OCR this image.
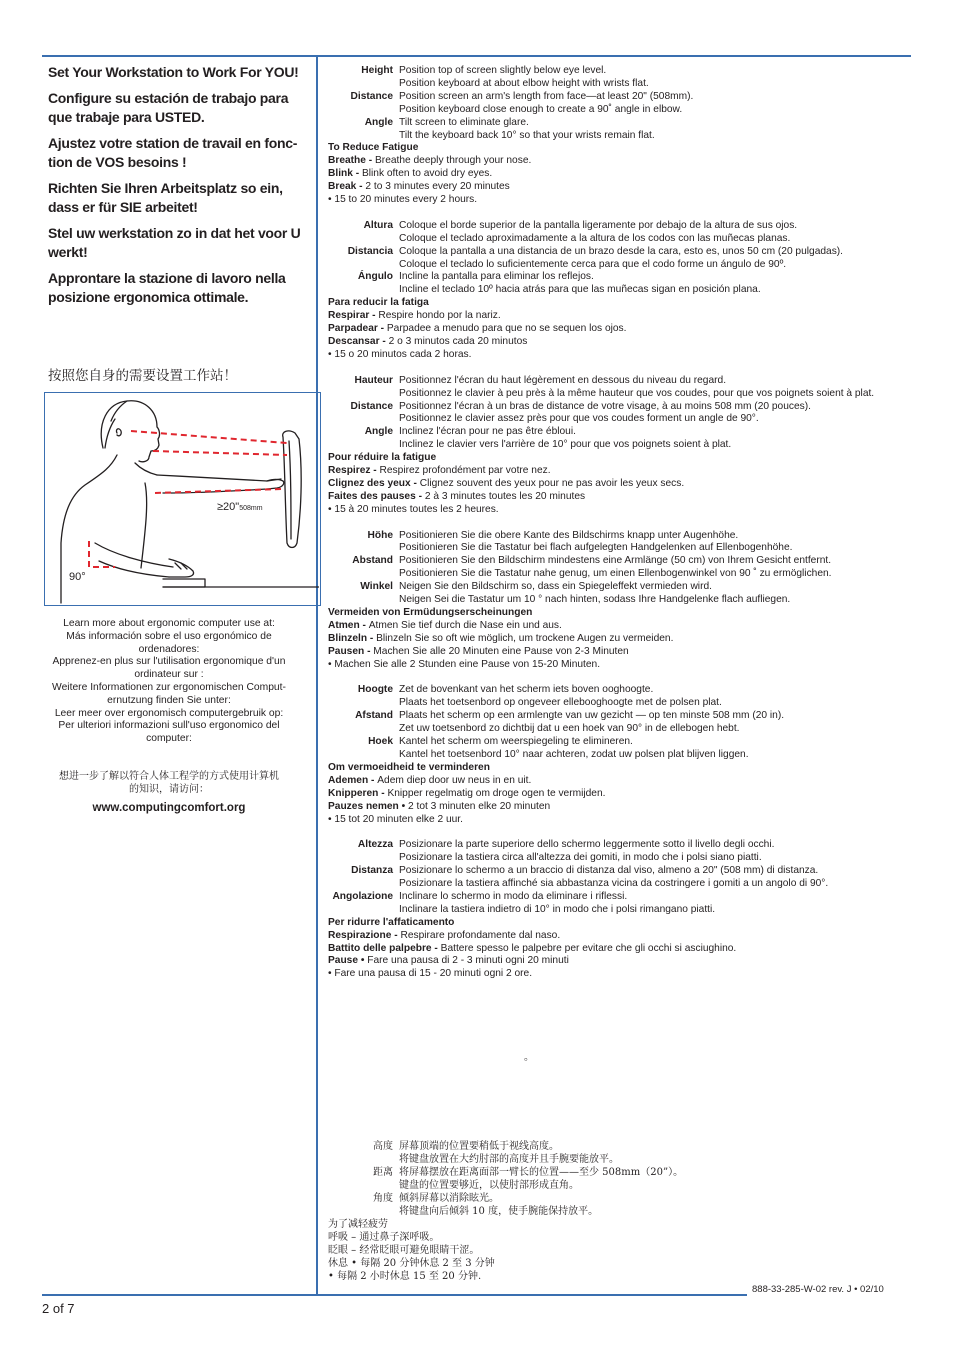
Set Your Workstation to Work For YOU!
Configure su estación de trabajo para que trabaje para USTED.
Ajustez votre station de travail en fonc-tion de VOS besoins !
Richten Sie Ihren Arbeitsplatz so ein, dass er für SIE arbeitet!
Stel uw werkstation zo in dat het voor U werkt!
Approntare la stazione di lavoro nella posizione ergonomica ottimale.
按照您自身的需要设置工作站！
≥20"508mm
90°
Learn more about ergonomic computer use at:
Más información sobre el uso ergonómico de
ordenadores:
Apprenez-en plus sur l'utilisation ergonomique d'un
ordinateur sur :
Weitere Informationen zur ergonomischen Comput-
ernutzung finden Sie unter:
Leer meer over ergonomisch computergebruik op:
Per ulteriori informazioni sull'uso ergonomico del
computer:
想进一步了解以符合人体工程学的方式使用计算机
的知识，请访问：
www.computingcomfort.org
Height Position top of screen slightly below eye level.
Position keyboard at about elbow height with wrists flat.
Distance Position screen an arm's length from face—at least 20" (508mm).
Position keyboard close enough to create a 90˚ angle in elbow.
Angle Tilt screen to eliminate glare.
Tilt the keyboard back 10° so that your wrists remain flat.
To Reduce Fatigue
Breathe - Breathe deeply through your nose.
Blink - Blink often to avoid dry eyes.
Break - 2 to 3 minutes every 20 minutes
• 15 to 20 minutes every 2 hours.
Altura Coloque el borde superior de la pantalla ligeramente por debajo de la altura de sus ojos.
Coloque el teclado aproximadamente a la altura de los codos con las muñecas planas.
Distancia Coloque la pantalla a una distancia de un brazo desde la cara, esto es, unos 50 cm (20 pulgadas).
Coloque el teclado lo suficientemente cerca para que el codo forme un ángulo de 90º.
Ángulo Incline la pantalla para eliminar los reflejos.
Incline el teclado 10º hacia atrás para que las muñecas sigan en posición plana.
Para reducir la fatiga
Respirar - Respire hondo por la nariz.
Parpadear - Parpadee a menudo para que no se sequen los ojos.
Descansar - 2 o 3 minutos cada 20 minutos
• 15 o 20 minutos cada 2 horas.
Hauteur Positionnez l'écran du haut légèrement en dessous du niveau du regard.
Positionnez le clavier à peu près à la même hauteur que vos coudes, pour que vos poignets soient à plat.
Distance Positionnez l'écran à un bras de distance de votre visage, à au moins 508 mm (20 pouces).
Positionnez le clavier assez près pour que vos coudes forment un angle de 90°.
Angle Inclinez l'écran pour ne pas être ébloui.
Inclinez le clavier vers l'arrière de 10° pour que vos poignets soient à plat.
Pour réduire la fatigue
Respirez - Respirez profondément par votre nez.
Clignez des yeux - Clignez souvent des yeux pour ne pas avoir les yeux secs.
Faites des pauses - 2 à 3 minutes toutes les 20 minutes
• 15 à 20 minutes toutes les 2 heures.
Höhe Positionieren Sie die obere Kante des Bildschirms knapp unter Augenhöhe.
Positionieren Sie die Tastatur bei flach aufgelegten Handgelenken auf Ellenbogenhöhe.
Abstand Positionieren Sie den Bildschirm mindestens eine Armlänge (50 cm) von Ihrem Gesicht entfernt.
Positionieren Sie die Tastatur nahe genug, um einen Ellenbogenwinkel von 90 ˚ zu ermöglichen.
Winkel Neigen Sie den Bildschirm so, dass ein Spiegeleffekt vermieden wird.
Neigen Sei die Tastatur um 10 ° nach hinten, sodass Ihre Handgelenke flach aufliegen.
Vermeiden von Ermüdungserscheinungen
Atmen - Atmen Sie tief durch die Nase ein und aus.
Blinzeln - Blinzeln Sie so oft wie möglich, um trockene Augen zu vermeiden.
Pausen - Machen Sie alle 20 Minuten eine Pause von 2-3 Minuten
• Machen Sie alle 2 Stunden eine Pause von 15-20 Minuten.
Hoogte Zet de bovenkant van het scherm iets boven ooghoogte.
Plaats het toetsenbord op ongeveer ellebooghoogte met de polsen plat.
Afstand Plaats het scherm op een armlengte van uw gezicht — op ten minste 508 mm (20 in).
Zet uw toetsenbord zo dichtbij dat u een hoek van 90° in de ellebogen hebt.
Hoek Kantel het scherm om weerspiegeling te elimineren.
Kantel het toetsenbord 10° naar achteren, zodat uw polsen plat blijven liggen.
Om vermoeidheid te verminderen
Ademen - Adem diep door uw neus in en uit.
Knipperen - Knipper regelmatig om droge ogen te vermijden.
Pauzes nemen • 2 tot 3 minuten elke 20 minuten
• 15 tot 20 minuten elke 2 uur.
Altezza Posizionare la parte superiore dello schermo leggermente sotto il livello degli occhi.
Posizionare la tastiera circa all'altezza dei gomiti, in modo che i polsi siano piatti.
Distanza Posizionare lo schermo a un braccio di distanza dal viso, almeno a 20" (508 mm) di distanza.
Posizionare la tastiera affinché sia abbastanza vicina da costringere i gomiti a un angolo di 90°.
Angolazione Inclinare lo schermo in modo da eliminare i riflessi.
Inclinare la tastiera indietro di 10° in modo che i polsi rimangano piatti.
Per ridurre l'affaticamento
Respirazione - Respirare profondamente dal naso.
Battito delle palpebre - Battere spesso le palpebre per evitare che gli occhi si asciughino.
Pause • Fare una pausa di 2 - 3 minuti ogni 20 minuti
• Fare una pausa di 15 - 20 minuti ogni 2 ore.
。
高度 屏幕顶端的位置要稍低于视线高度。
将键盘放置在大约肘部的高度并且手腕要能放平。
距离 将屏幕摆放在距离面部一臂长的位置——至少 508mm（20”）。
键盘的位置要够近，以使肘部形成直角。
角度 倾斜屏幕以消除眩光。
将键盘向后倾斜 10 度，使手腕能保持放平。
为了减轻疲劳
呼吸 – 通过鼻子深呼吸。
眨眼 – 经常眨眼可避免眼睛干涩。
休息 • 每隔 20 分钟休息 2 至 3 分钟
• 每隔 2 小时休息 15 至 20 分钟.
888-33-285-W-02 rev. J • 02/10
2 of 7
